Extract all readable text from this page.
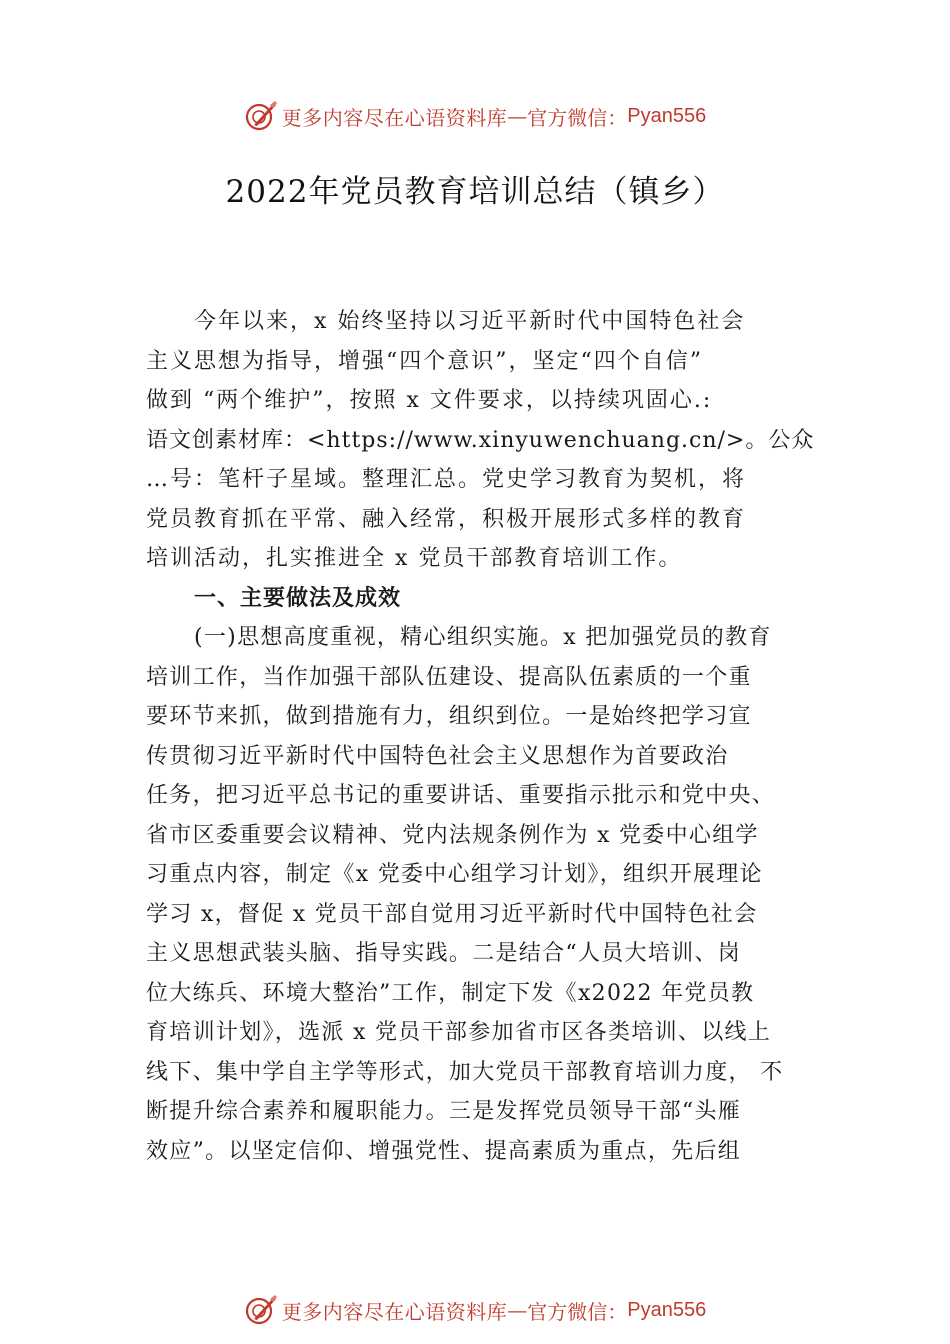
更多内容尽在心语资料库 — 官方微信： Pyan556
2022年党员教育培训总结（镇乡）
今年以来，x 始终坚持以习近平新时代中国特色社会
主义思想为指导，增强“四个意识”，坚定“四个自信”
做到 “两个维护”，按照 x 文件要求，以持续巩固心.:
语文创素材库：<https://www.xinyuwenchuang.cn/>。公众
…号：笔杆子星域。整理汇总。党史学习教育为契机，将
党员教育抓在平常、融入经常，积极开展形式多样的教育
培训活动，扎实推进全 x 党员干部教育培训工作。
一、主要做法及成效
(一)思想高度重视，精心组织实施。x 把加强党员的教育
培训工作，当作加强干部队伍建设、提高队伍素质的一个重
要环节来抓，做到措施有力，组织到位。一是始终把学习宣
传贯彻习近平新时代中国特色社会主义思想作为首要政治
任务，把习近平总书记的重要讲话、重要指示批示和党中央、
省市区委重要会议精神、党内法规条例作为 x 党委中心组学
习重点内容，制定《x 党委中心组学习计划》，组织开展理论
学习 x，督促 x 党员干部自觉用习近平新时代中国特色社会
主义思想武装头脑、指导实践。二是结合“人员大培训、岗
位大练兵、环境大整治”工作，制定下发《x2022 年党员教
育培训计划》，选派 x 党员干部参加省市区各类培训、以线上
线下、集中学自主学等形式，加大党员干部教育培训力度， 不
断提升综合素养和履职能力。三是发挥党员领导干部“头雁
效应”。以坚定信仰、增强党性、提高素质为重点，先后组
更多内容尽在心语资料库 — 官方微信： Pyan556
